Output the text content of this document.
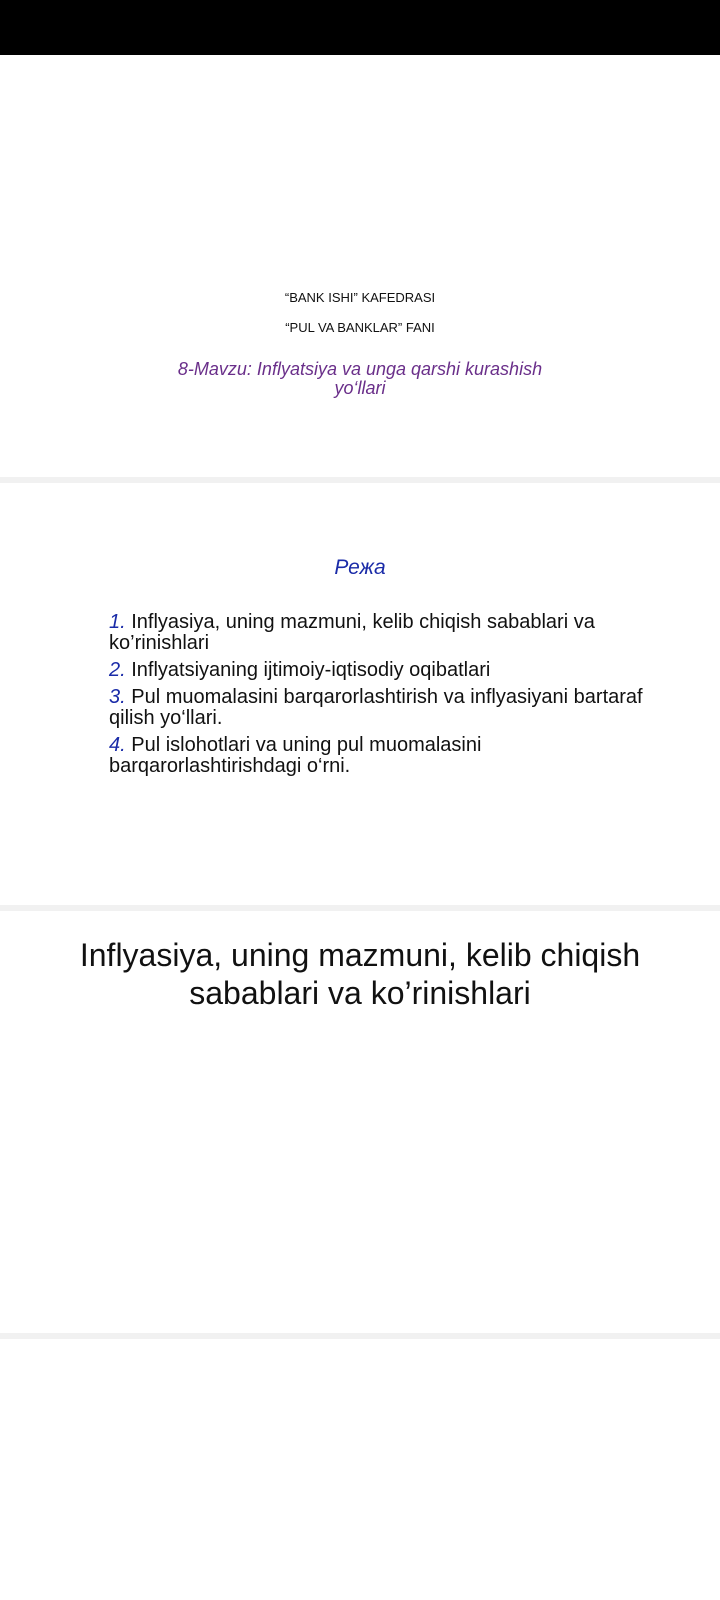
“BANK ISHI” KAFEDRASI
“PUL VA BANKLAR” FANI
8-Mavzu: Inflyatsiya va unga qarshi kurashish
yo‘llari
Режа
1. Inflyasiya, uning mazmuni, kelib chiqish sabablari va ko’rinishlari
2. Inflyatsiyaning ijtimoiy-iqtisodiy oqibatlari
3. Pul muomalasini barqarorlashtirish va inflyasiyani bartaraf qilish yo‘llari.
4. Pul islohotlari va uning pul muomalasini barqarorlashtirishdagi o‘rni.
Inflyasiya, uning mazmuni, kelib chiqish
sabablari va ko’rinishlari
